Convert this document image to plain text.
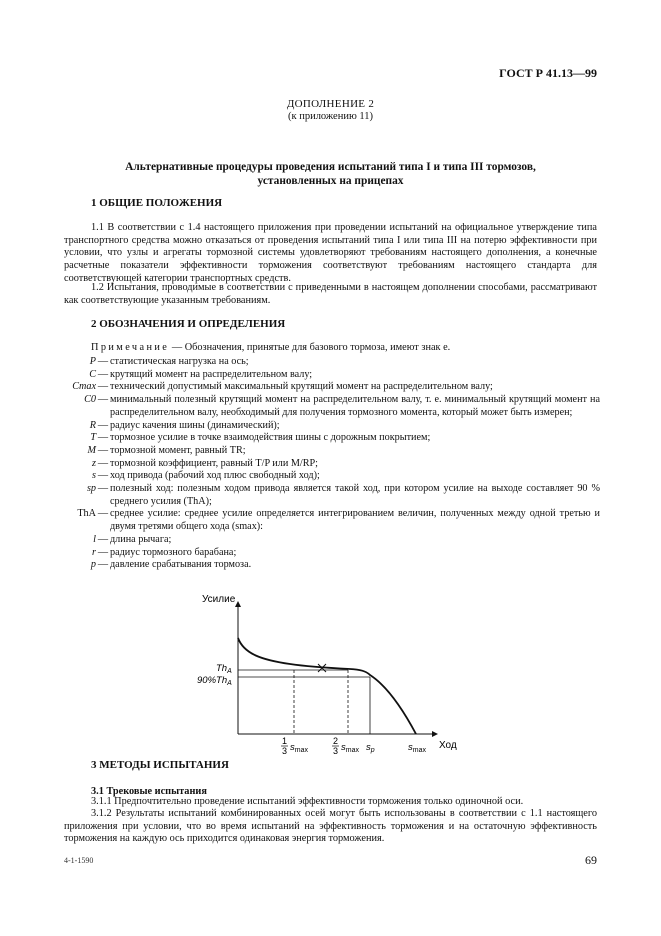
ГОСТ Р 41.13—99
ДОПОЛНЕНИЕ 2
(к приложению 11)
Альтернативные процедуры проведения испытаний типа I и типа III тормозов,
установленных на прицепах
1 ОБЩИЕ ПОЛОЖЕНИЯ

1.1 В соответствии с 1.4 настоящего приложения при проведении испытаний на официальное утверждение типа транспортного средства можно отказаться от проведения испытаний типа I или типа III на потерю эффективности при условии, что узлы и агрегаты тормозной системы удовлетворяют требованиям настоящего дополнения, а конечные расчетные показатели эффективности торможения соответствуют требованиям настоящего стандарта для соответствующей категории транспортных средств.

1.2 Испытания, проводимые в соответствии с приведенными в настоящем дополнении способами, рассматривают как соответствующие указанным требованиям.

2 ОБОЗНАЧЕНИЯ И ОПРЕДЕЛЕНИЯ
Примечание — Обозначения, принятые для базового тормоза, имеют знак е.
P — статистическая нагрузка на ось;
C — крутящий момент на распределительном валу;
Cmax — технический допустимый максимальный крутящий момент на распределительном валу;
C0 — минимальный полезный крутящий момент на распределительном валу, т. е. минимальный крутящий момент на распределительном валу, необходимый для получения тормозного момента, который может быть измерен;
R — радиус качения шины (динамический);
T — тормозное усилие в точке взаимодействия шины с дорожным покрытием;
M — тормозной момент, равный TR;
z — тормозной коэффициент, равный T/P или M/RP;
s — ход привода (рабочий ход плюс свободный ход);
sp — полезный ход: полезным ходом привода является такой ход, при котором усилие на выходе составляет 90 % среднего усилия (ThA);
ThA — среднее усилие: среднее усилие определяется интегрированием величин, полученных между одной третью и двумя третями общего хода (smax):
l — длина рычага;
r — радиус тормозного барабана;
p — давление срабатывания тормоза.
Усилие
Ход
$Th_A$
$90\%Th_A$
1
3 $s_{max}$
2
3 $s_{max}$ $s_p$	$s_{max}$
3 МЕТОДЫ ИСПЫТАНИЯ
3.1 Трековые испытания

3.1.1 Предпочтительно проведение испытаний эффективности торможения только одиночной оси.

3.1.2 Результаты испытаний комбинированных осей могут быть использованы в соответствии с 1.1 настоящего приложения при условии, что во время испытаний на эффективность торможения и на остаточную эффективность торможения на каждую ось приходится одинаковая энергия торможения.

4-1-1590	69
